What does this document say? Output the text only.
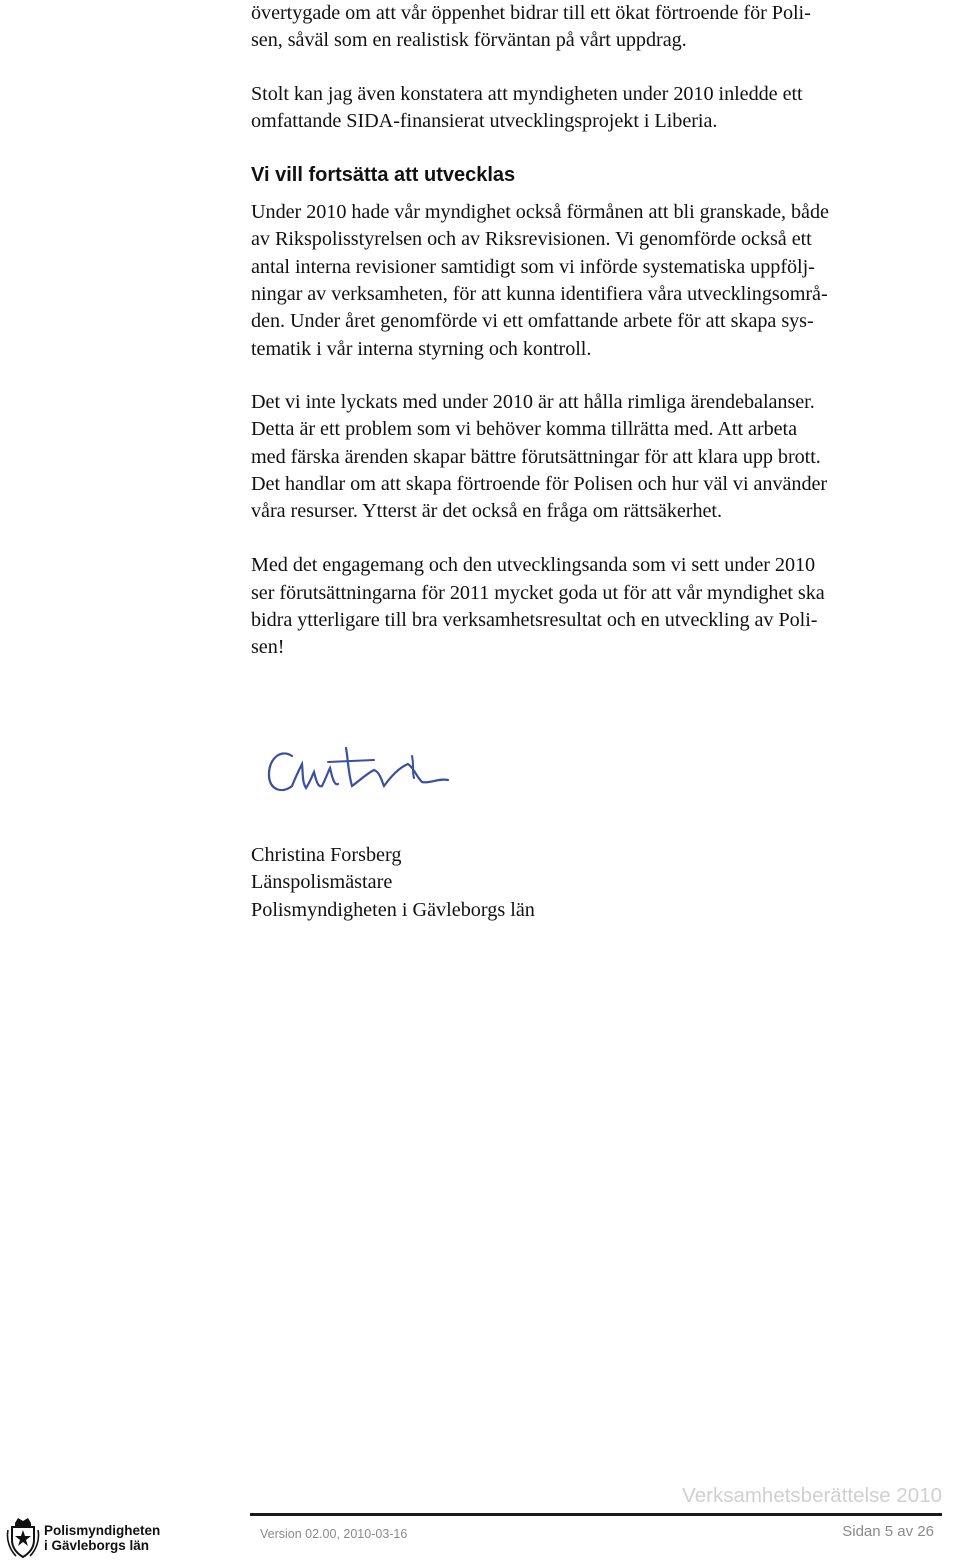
övertygade om att vår öppenhet bidrar till ett ökat förtroende för Poli-
sen, såväl som en realistisk förväntan på vårt uppdrag.

Stolt kan jag även konstatera att myndigheten under 2010 inledde ett
omfattande SIDA-finansierat utvecklingsprojekt i Liberia.

Vi vill fortsätta att utvecklas

Under 2010 hade vår myndighet också förmånen att bli granskade, både
av Rikspolisstyrelsen och av Riksrevisionen. Vi genomförde också ett
antal interna revisioner samtidigt som vi införde systematiska uppfölj-
ningar av verksamheten, för att kunna identifiera våra utvecklingsområ-
den. Under året genomförde vi ett omfattande arbete för att skapa sys-
tematik i vår interna styrning och kontroll.

Det vi inte lyckats med under 2010 är att hålla rimliga ärendebalanser.
Detta är ett problem som vi behöver komma tillrätta med. Att arbeta
med färska ärenden skapar bättre förutsättningar för att klara upp brott.
Det handlar om att skapa förtroende för Polisen och hur väl vi använder
våra resurser. Ytterst är det också en fråga om rättsäkerhet.

Med det engagemang och den utvecklingsanda som vi sett under 2010
ser förutsättningarna för 2011 mycket goda ut för att vår myndighet ska
bidra ytterligare till bra verksamhetsresultat och en utveckling av Poli-
sen!

Christina Forsberg
Länspolismästare
Polismyndigheten i Gävleborgs län
Verksamhetsberättelse 2010
Polismyndigheten
i Gävleborgs län
Version 02.00, 2010-03-16	Sidan 5 av 26
